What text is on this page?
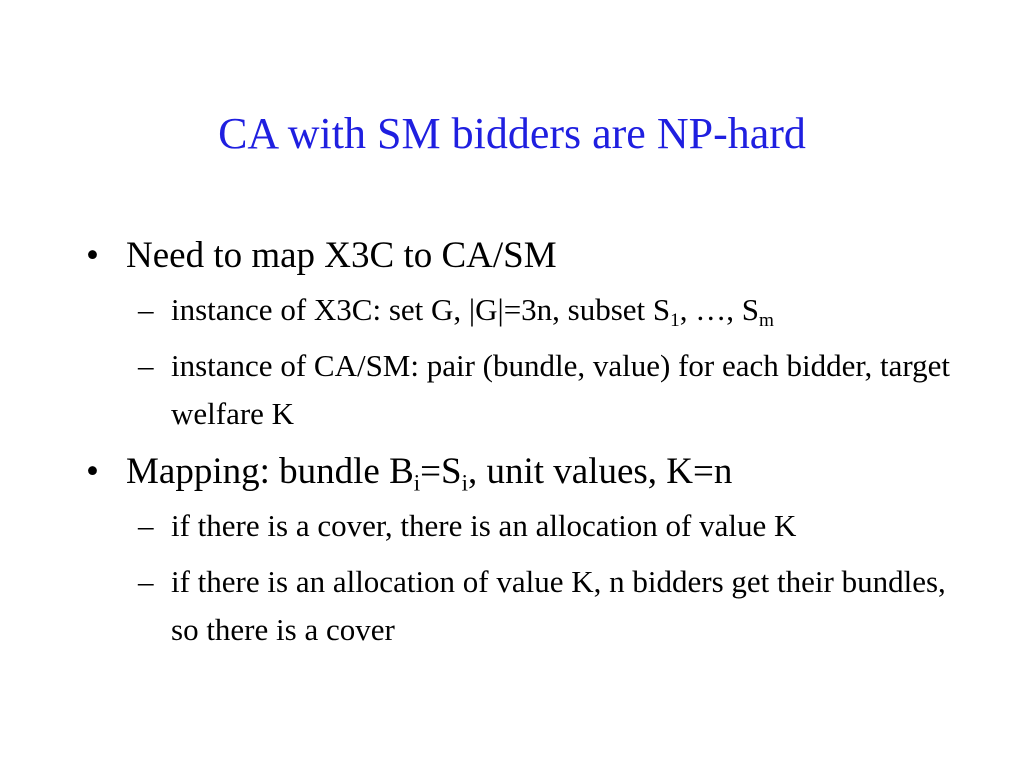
CA with SM bidders are NP-hard
• Need to map X3C to CA/SM
– instance of X3C: set G, |G|=3n, subset $S_1$, …, $S_m$
– instance of CA/SM: pair (bundle, value) for each bidder, target welfare K
• Mapping: bundle $B_i=S_i$, unit values, K=n
– if there is a cover, there is an allocation of value K
– if there is an allocation of value K, n bidders get their bundles, so there is a cover
